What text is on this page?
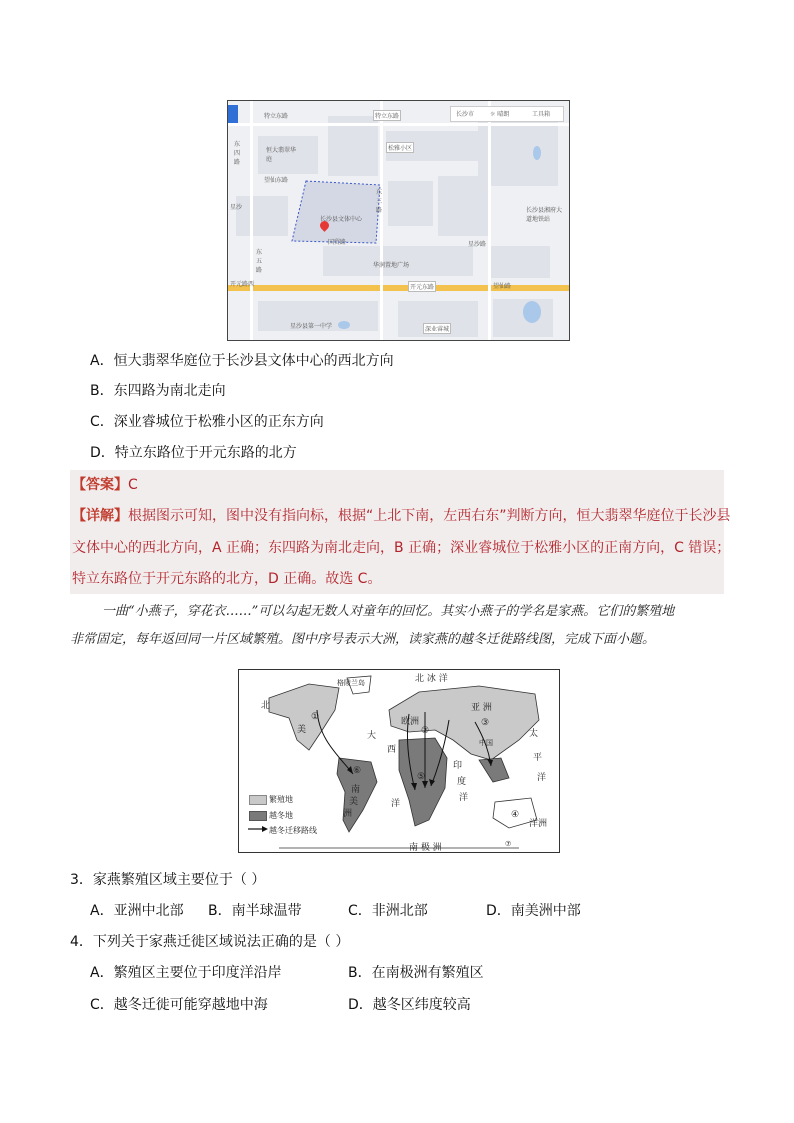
长沙市	☼ 晴朗	工具箱
特立东路	特立东路
东四路
恒大翡翠华庭
松雅小区
望仙东路
东三路
长沙县文体中心
星沙
国贸路
华润置地广场
东五路
开元路西	开元东路
深业睿城
星沙县第一中学
长沙县湘府大道地铁站
星沙路
望仙路
A．恒大翡翠华庭位于长沙县文体中心的西北方向
B．东四路为南北走向
C．深业睿城位于松雅小区的正东方向
D．特立东路位于开元东路的北方
【答案】C
【详解】根据图示可知，图中没有指向标，根据“上北下南，左西右东”判断方向，恒大翡翠华庭位于长沙县
文体中心的西北方向，A 正确；东四路为南北走向，B 正确；深业睿城位于松雅小区的正南方向，C 错误；
特立东路位于开元东路的北方，D 正确。故选 C。
一曲“小燕子，穿花衣……”可以勾起无数人对童年的回忆。其实小燕子的学名是家燕。它们的繁殖地
非常固定，每年返回同一片区域繁殖。图中序号表示大洲，读家燕的越冬迁徙路线图，完成下面小题。
北 冰 洋
格陵兰岛
北
美
①
大
西
洋
欧洲
②
亚 洲
③
中国
太
平
洋
南
⑥
美
洲
⑤
印
度
洋
④
洋洲
⑦
南 极 洲
繁殖地
越冬地
越冬迁移路线
3．家燕繁殖区域主要位于（ ）
A．亚洲中北部 B．南半球温带	C．非洲北部	D．南美洲中部
4．下列关于家燕迁徙区域说法正确的是（ ）
A．繁殖区主要位于印度洋沿岸	B．在南极洲有繁殖区
C．越冬迁徙可能穿越地中海	D．越冬区纬度较高
